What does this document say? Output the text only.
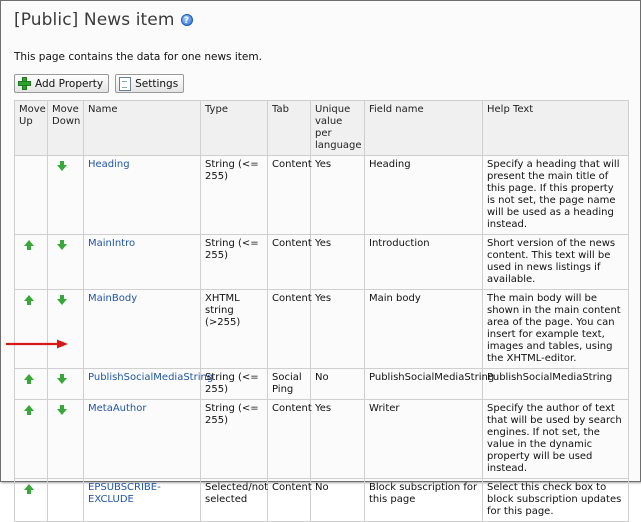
[Public] News item	?
This page contains the data for one news item.
Add Property	Settings
Move Up	Move Down	Name	Type	Tab	Unique value per language	Field name	Help Text
		Heading	String (<= 255)	Content	Yes	Heading	Specify a heading that will present the main title of this page. If this property is not set, the page name will be used as a heading instead.
		MainIntro	String (<= 255)	Content	Yes	Introduction	Short version of the news content. This text will be used in news listings if available.
		MainBody	XHTML string (>255)	Content	Yes	Main body	The main body will be shown in the main content area of the page. You can insert for example text, images and tables, using the XHTML-editor.
		PublishSocialMediaString	String (<= 255)	Social Ping	No	PublishSocialMediaString	PublishSocialMediaString
		MetaAuthor	String (<= 255)	Content	Yes	Writer	Specify the author of text that will be used by search engines. If not set, the value in the dynamic property will be used instead.
		EPSUBSCRIBE-EXCLUDE	Selected/not selected	Content	No	Block subscription for this page	Select this check box to block subscription updates for this page.
